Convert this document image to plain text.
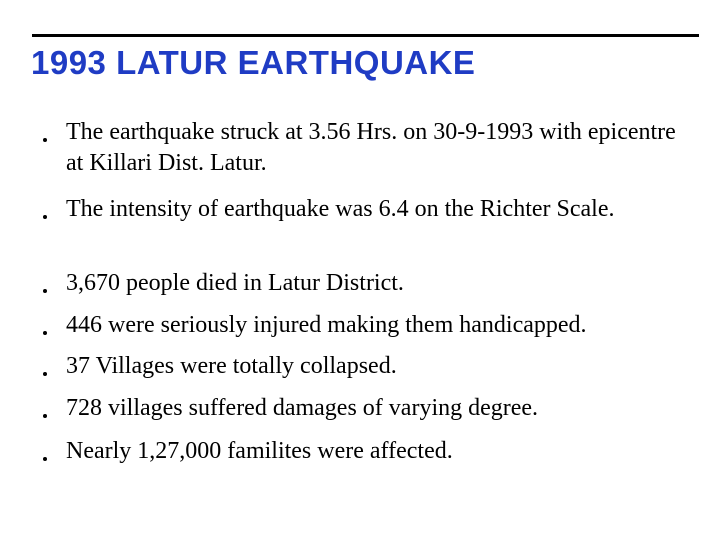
1993 LATUR EARTHQUAKE
The earthquake struck at 3.56 Hrs. on 30-9-1993 with epicentre at Killari Dist. Latur.
The intensity of earthquake was 6.4 on the Richter Scale.
3,670 people died in Latur District.
446 were seriously injured making them handicapped.
37 Villages were totally collapsed.
728 villages suffered damages of varying degree.
Nearly 1,27,000 familites were affected.
